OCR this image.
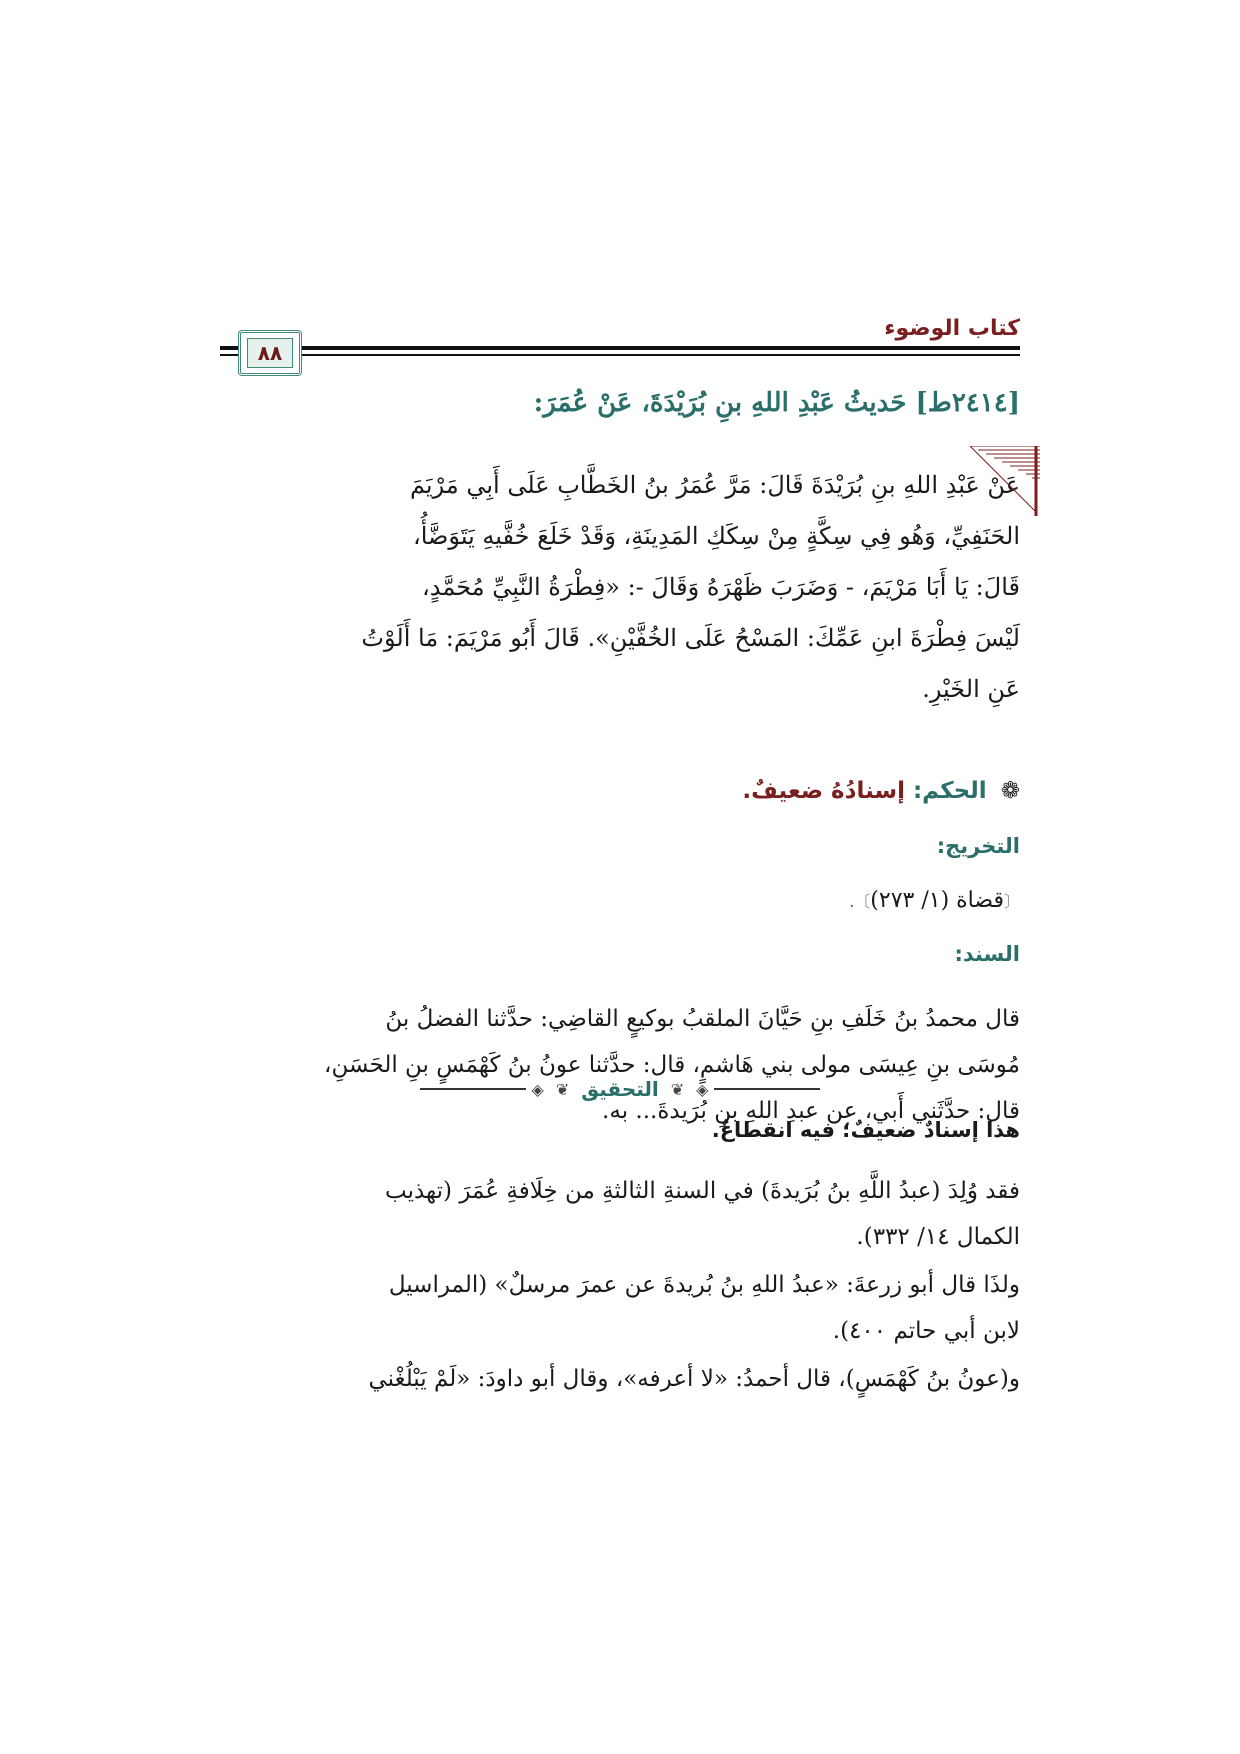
كتاب الوضوء
٨٨
[٢٤١٤ط] حَديثُ عَبْدِ اللهِ بنِ بُرَيْدَةَ، عَنْ عُمَرَ:

عَنْ عَبْدِ اللهِ بنِ بُرَيْدَةَ قَالَ: مَرَّ عُمَرُ بنُ الخَطَّابِ عَلَى أَبِي مَرْيَمَ
الحَنَفِيِّ، وَهُو فِي سِكَّةٍ مِنْ سِكَكِ المَدِينَةِ، وَقَدْ خَلَعَ خُفَّيهِ يَتَوَضَّأُ،
قَالَ: يَا أَبَا مَرْيَمَ، - وَضَرَبَ ظَهْرَهُ وَقَالَ -: «فِطْرَةُ النَّبِيِّ مُحَمَّدٍ،
لَيْسَ فِطْرَةَ ابنِ عَمِّكَ: المَسْحُ عَلَى الخُفَّيْنِ». قَالَ أَبُو مَرْيَمَ: مَا أَلَوْتُ
عَنِ الخَيْرِ.

❁ الحكم: إسنادُهُ ضعيفٌ.
التخريج:
〔قضاة (١/ ٢٧٣)〕.
السند:

قال محمدُ بنُ خَلَفِ بنِ حَيَّانَ الملقبُ بوكيعٍ القاضِي: حدَّثنا الفضلُ بنُ
مُوسَى بنِ عِيسَى مولى بني هَاشمٍ، قال: حدَّثنا عونُ بنُ كَهْمَسٍ بنِ الحَسَنِ،
قال: حدَّثَني أَبي، عن عبدِ اللهِ بنِ بُرَيدةَ... به.

◈
❦
التحقيق
❦
◈
هذا إسنادٌ ضعيفٌ؛ فيه انقطاعٌ.

فقد وُلِدَ (عبدُ اللَّهِ بنُ بُرَيدةَ) في السنةِ الثالثةِ من خِلَافةِ عُمَرَ (تهذيب
الكمال ١٤/ ٣٣٢).

ولذَا قال أبو زرعةَ: «عبدُ اللهِ بنُ بُريدةَ عن عمرَ مرسلٌ» (المراسيل
لابن أبي حاتم ٤٠٠).

و(عونُ بنُ كَهْمَسٍ)، قال أحمدُ: «لا أعرفه»، وقال أبو داودَ: «لَمْ يَبْلُغْني
